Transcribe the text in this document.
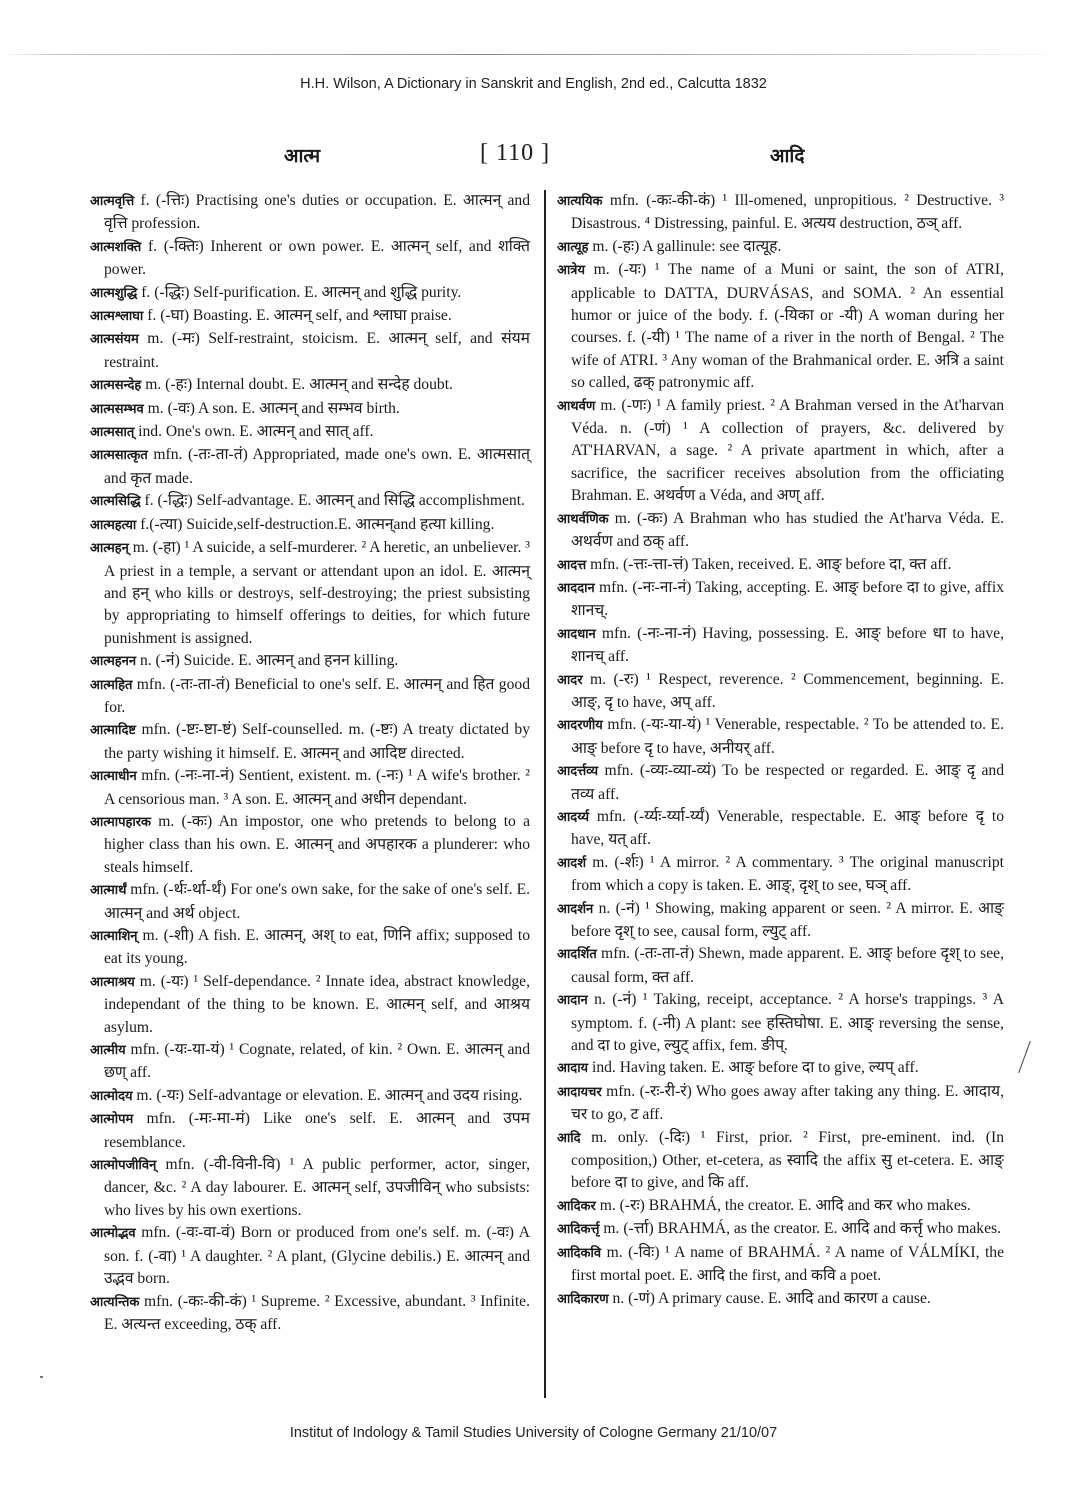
H.H. Wilson, A Dictionary in Sanskrit and English, 2nd ed., Calcutta 1832
आत्म	[ 110 ]	आदि

आत्मवृत्ति f. (-त्तिः) Practising one's duties or occupation. E. आत्मन् and वृत्ति profession.

आत्मशक्ति f. (-क्तिः) Inherent or own power. E. आत्मन् self, and शक्ति power.

आत्मशुद्धि f. (-द्धिः) Self-purification. E. आत्मन् and शुद्धि purity.

आत्मश्लाघा f. (-घा) Boasting. E. आत्मन् self, and श्लाघा praise.

आत्मसंयम m. (-मः) Self-restraint, stoicism. E. आत्मन् self, and संयम restraint.

आत्मसन्देह m. (-हः) Internal doubt. E. आत्मन् and सन्देह doubt.

आत्मसम्भव m. (-वः) A son. E. आत्मन् and सम्भव birth.

आत्मसात् ind. One's own. E. आत्मन् and सात् aff.

आत्मसात्कृत mfn. (-तः-ता-तं) Appropriated, made one's own. E. आत्मसात् and कृत made.

आत्मसिद्धि f. (-द्धिः) Self-advantage. E. आत्मन् and सिद्धि accomplishment.

आत्महत्या f.(-त्या) Suicide,self-destruction.E. आत्मन्and हत्या killing.

आत्महन् m. (-हा) ¹ A suicide, a self-murderer. ² A heretic, an unbeliever. ³ A priest in a temple, a servant or attendant upon an idol. E. आत्मन् and हन् who kills or destroys, self-destroying; the priest subsisting by appropriating to himself offerings to deities, for which future punishment is assigned.

आत्महनन n. (-नं) Suicide. E. आत्मन् and हनन killing.

आत्महित mfn. (-तः-ता-तं) Beneficial to one's self. E. आत्मन् and हित good for.

आत्मादिष्ट mfn. (-ष्टः-ष्टा-ष्टं) Self-counselled. m. (-ष्टः) A treaty dictated by the party wishing it himself. E. आत्मन् and आदिष्ट directed.

आत्माधीन mfn. (-नः-ना-नं) Sentient, existent. m. (-नः) ¹ A wife's brother. ² A censorious man. ³ A son. E. आत्मन् and अधीन dependant.

आत्मापहारक m. (-कः) An impostor, one who pretends to belong to a higher class than his own. E. आत्मन् and अपहारक a plunderer: who steals himself.

आत्मार्थं mfn. (-र्थः-र्था-र्थं) For one's own sake, for the sake of one's self. E. आत्मन् and अर्थ object.

आत्माशिन् m. (-शी) A fish. E. आत्मन्, अश् to eat, णिनि affix; supposed to eat its young.

आत्माश्रय m. (-यः) ¹ Self-dependance. ² Innate idea, abstract knowledge, independant of the thing to be known. E. आत्मन् self, and आश्रय asylum.

आत्मीय mfn. (-यः-या-यं) ¹ Cognate, related, of kin. ² Own. E. आत्मन् and छण् aff.

आत्मोदय m. (-यः) Self-advantage or elevation. E. आत्मन् and उदय rising.

आत्मोपम mfn. (-मः-मा-मं) Like one's self. E. आत्मन् and उपम resemblance.

आत्मोपजीविन् mfn. (-वी-विनी-वि) ¹ A public performer, actor, singer, dancer, &c. ² A day labourer. E. आत्मन् self, उपजीविन् who subsists: who lives by his own exertions.

आत्मोद्भव mfn. (-वः-वा-वं) Born or produced from one's self. m. (-वः) A son. f. (-वा) ¹ A daughter. ² A plant, (Glycine debilis.) E. आत्मन् and उद्भव born.

आत्यन्तिक mfn. (-कः-की-कं) ¹ Supreme. ² Excessive, abundant. ³ Infinite. E. अत्यन्त exceeding, ठक् aff.

आत्ययिक mfn. (-कः-की-कं) ¹ Ill-omened, unpropitious. ² Destructive. ³ Disastrous. ⁴ Distressing, painful. E. अत्यय destruction, ठञ् aff.

आत्यूह m. (-हः) A gallinule: see दात्यूह.

आत्रेय m. (-यः) ¹ The name of a Muni or saint, the son of ATRI, applicable to DATTA, DURVÁSAS, and SOMA. ² An essential humor or juice of the body. f. (-यिका or -यी) A woman during her courses. f. (-यी) ¹ The name of a river in the north of Bengal. ² The wife of ATRI. ³ Any woman of the Brahmanical order. E. अत्रि a saint so called, ढक् patronymic aff.

आथर्वण m. (-णः) ¹ A family priest. ² A Brahman versed in the At'harvan Véda. n. (-णं) ¹ A collection of prayers, &c. delivered by AT'HARVAN, a sage. ² A private apartment in which, after a sacrifice, the sacrificer receives absolution from the officiating Brahman. E. अथर्वण a Véda, and अण् aff.

आथर्वणिक m. (-कः) A Brahman who has studied the At'harva Véda. E. अथर्वण and ठक् aff.

आदत्त mfn. (-त्तः-त्ता-त्तं) Taken, received. E. आङ् before दा, क्त aff.

आददान mfn. (-नः-ना-नं) Taking, accepting. E. आङ् before दा to give, affix शानच्.

आदधान mfn. (-नः-ना-नं) Having, possessing. E. आङ् before धा to have, शानच् aff.

आदर m. (-रः) ¹ Respect, reverence. ² Commencement, beginning. E. आङ्, दृ to have, अप् aff.

आदरणीय mfn. (-यः-या-यं) ¹ Venerable, respectable. ² To be attended to. E. आङ् before दृ to have, अनीयर् aff.

आदर्त्तव्य mfn. (-व्यः-व्या-व्यं) To be respected or regarded. E. आङ् दृ and तव्य aff.

आदर्य्य mfn. (-र्य्यः-र्य्या-र्य्यं) Venerable, respectable. E. आङ् before दृ to have, यत् aff.

आदर्श m. (-र्शः) ¹ A mirror. ² A commentary. ³ The original manuscript from which a copy is taken. E. आङ्, दृश् to see, घञ् aff.

आदर्शन n. (-नं) ¹ Showing, making apparent or seen. ² A mirror. E. आङ् before दृश् to see, causal form, ल्युट् aff.

आदर्शित mfn. (-तः-ता-तं) Shewn, made apparent. E. आङ् before दृश् to see, causal form, क्त aff.

आदान n. (-नं) ¹ Taking, receipt, acceptance. ² A horse's trappings. ³ A symptom. f. (-नी) A plant: see हस्तिघोषा. E. आङ् reversing the sense, and दा to give, ल्युट् affix, fem. ङीप्.

आदाय ind. Having taken. E. आङ् before दा to give, ल्यप् aff.

आदायचर mfn. (-रः-री-रं) Who goes away after taking any thing. E. आदाय, चर to go, ट aff.

आदि m. only. (-दिः) ¹ First, prior. ² First, pre-eminent. ind. (In composition,) Other, et-cetera, as स्वादि the affix सु et-cetera. E. आङ् before दा to give, and कि aff.

आदिकर m. (-रः) BRAHMÁ, the creator. E. आदि and कर who makes.

आदिकर्त्तृ m. (-र्त्ता) BRAHMÁ, as the creator. E. आदि and कर्त्तृ who makes.

आदिकवि m. (-विः) ¹ A name of BRAHMÁ. ² A name of VÁLMÍKI, the first mortal poet. E. आदि the first, and कवि a poet.

आदिकारण n. (-णं) A primary cause. E. आदि and कारण a cause.

Institut of Indology & Tamil Studies University of Cologne Germany 21/10/07
